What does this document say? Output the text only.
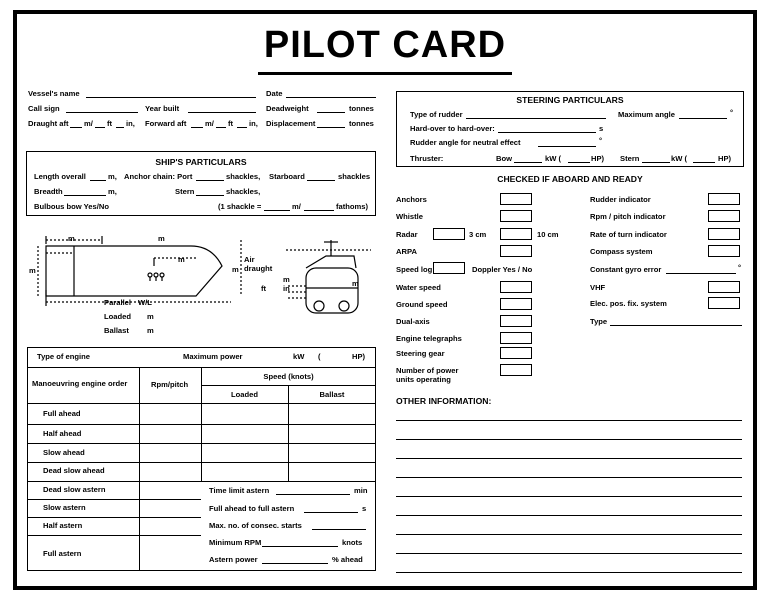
PILOT CARD
Vessel's name	Date
Call sign	Year built	Deadweight	tonnes
Draught aft m/ ft in, Forward aft m/ ft in, Displacement	tonnes
SHIP'S PARTICULARS
Length overall	m, Anchor chain: Port	shackles, Starboard	shackles
Breadth	m,	Stern	shackles,
Bulbous bow Yes/No	(1 shackle =	m/	fathoms)
m	m
m
m	Air draught
m
m
ft in
m
Parallel W/L
Loaded m
Ballast m
Type of engine	Maximum power	kW (	HP)
Manoeuvring engine order	Rpm/pitch
Speed (knots)
Loaded	Ballast
Full ahead
Half ahead
Slow ahead
Dead slow ahead
Dead slow astern
Slow astern
Half astern
Full astern
Time limit astern	min
Full ahead to full astern	s
Max. no. of consec. starts
Minimum RPM	knots
Astern power	% ahead
STEERING PARTICULARS
Type of rudder	Maximum angle	°
Hard-over to hard-over:	s
Rudder angle for neutral effect	°
Thruster:	Bow	kW (	HP) Stern	kW (	HP)
CHECKED IF ABOARD AND READY
Anchors
Whistle
Radar	3 cm	10 cm
ARPA
Speed log	Doppler Yes / No
Water speed
Ground speed
Dual-axis
Engine telegraphs
Steering gear
Number of power units operating
Rudder indicator
Rpm / pitch indicator
Rate of turn indicator
Compass system
Constant gyro error	°
VHF
Elec. pos. fix. system
Type
OTHER INFORMATION:
